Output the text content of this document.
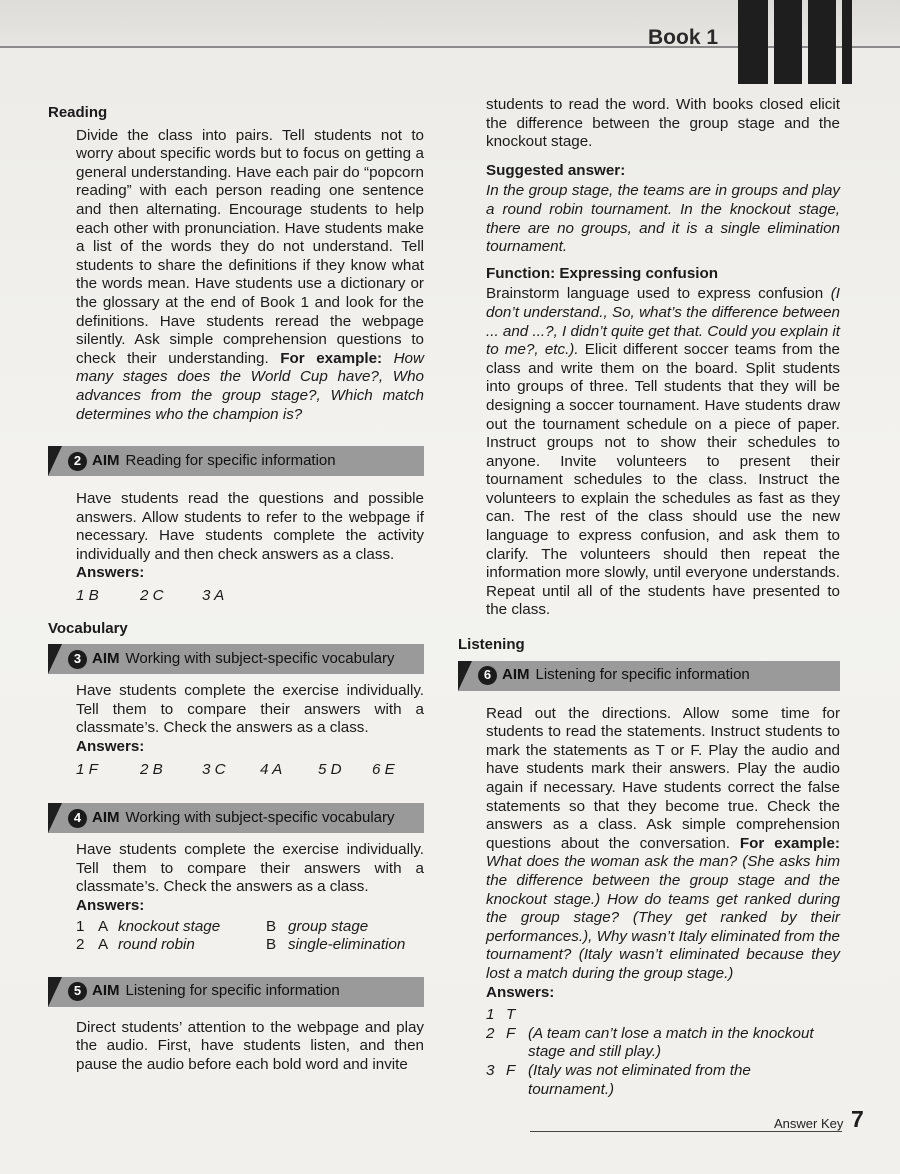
Book 1

Reading

Divide the class into pairs. Tell students not to worry about specific words but to focus on getting a general understanding. Have each pair do “popcorn reading” with each person reading one sentence and then alternating. Encourage students to help each other with pronunciation. Have students make a list of the words they do not understand. Tell students to share the definitions if they know what the words mean. Have students use a dictionary or the glossary at the end of Book 1 and look for the definitions. Have students reread the webpage silently. Ask simple comprehension questions to check their understanding. For example: How many stages does the World Cup have?, Who advances from the group stage?, Which match determines who the champion is?

2 AIM Reading for specific information

Have students read the questions and possible answers. Allow students to refer to the webpage if necessary. Have students complete the activity individually and then check answers as a class.

Answers:

1 B	2 C	3 A

Vocabulary

3 AIM Working with subject-specific vocabulary

Have students complete the exercise individually. Tell them to compare their answers with a classmate’s. Check the answers as a class.

Answers:

1 F	2 B	3 C	4 A	5 D	6 E
4 AIM Working with subject-specific vocabulary

Have students complete the exercise individually. Tell them to compare their answers with a classmate’s. Check the answers as a class.

Answers:

1 A knockout stage	B group stage
2 A round robin	B single-elimination
5 AIM Listening for specific information

Direct students’ attention to the webpage and play the audio. First, have students listen, and then pause the audio before each bold word and invite

students to read the word. With books closed elicit the difference between the group stage and the knockout stage.

Suggested answer:

In the group stage, the teams are in groups and play a round robin tournament. In the knockout stage, there are no groups, and it is a single elimination tournament.

Function: Expressing confusion

Brainstorm language used to express confusion (I don’t understand., So, what’s the difference between ... and ...?, I didn’t quite get that. Could you explain it to me?, etc.). Elicit different soccer teams from the class and write them on the board. Split students into groups of three. Tell students that they will be designing a soccer tournament. Have students draw out the tournament schedule on a piece of paper. Instruct groups not to show their schedules to anyone. Invite volunteers to present their tournament schedules to the class. Instruct the volunteers to explain the schedules as fast as they can. The rest of the class should use the new language to express confusion, and ask them to clarify. The volunteers should then repeat the information more slowly, until everyone understands. Repeat until all of the students have presented to the class.

Listening

6 AIM Listening for specific information

Read out the directions. Allow some time for students to read the statements. Instruct students to mark the statements as T or F. Play the audio and have students mark their answers. Play the audio again if necessary. Have students correct the false statements so that they become true. Check the answers as a class. Ask simple comprehension questions about the conversation. For example: What does the woman ask the man? (She asks him the difference between the group stage and the knockout stage.) How do teams get ranked during the group stage? (They get ranked by their performances.), Why wasn’t Italy eliminated from the tournament? (Italy wasn’t eliminated because they lost a match during the group stage.)

Answers:

1 T
2 F (A team can’t lose a match in the knockout stage and still play.)
3 F (Italy was not eliminated from the tournament.)
Answer Key 7
